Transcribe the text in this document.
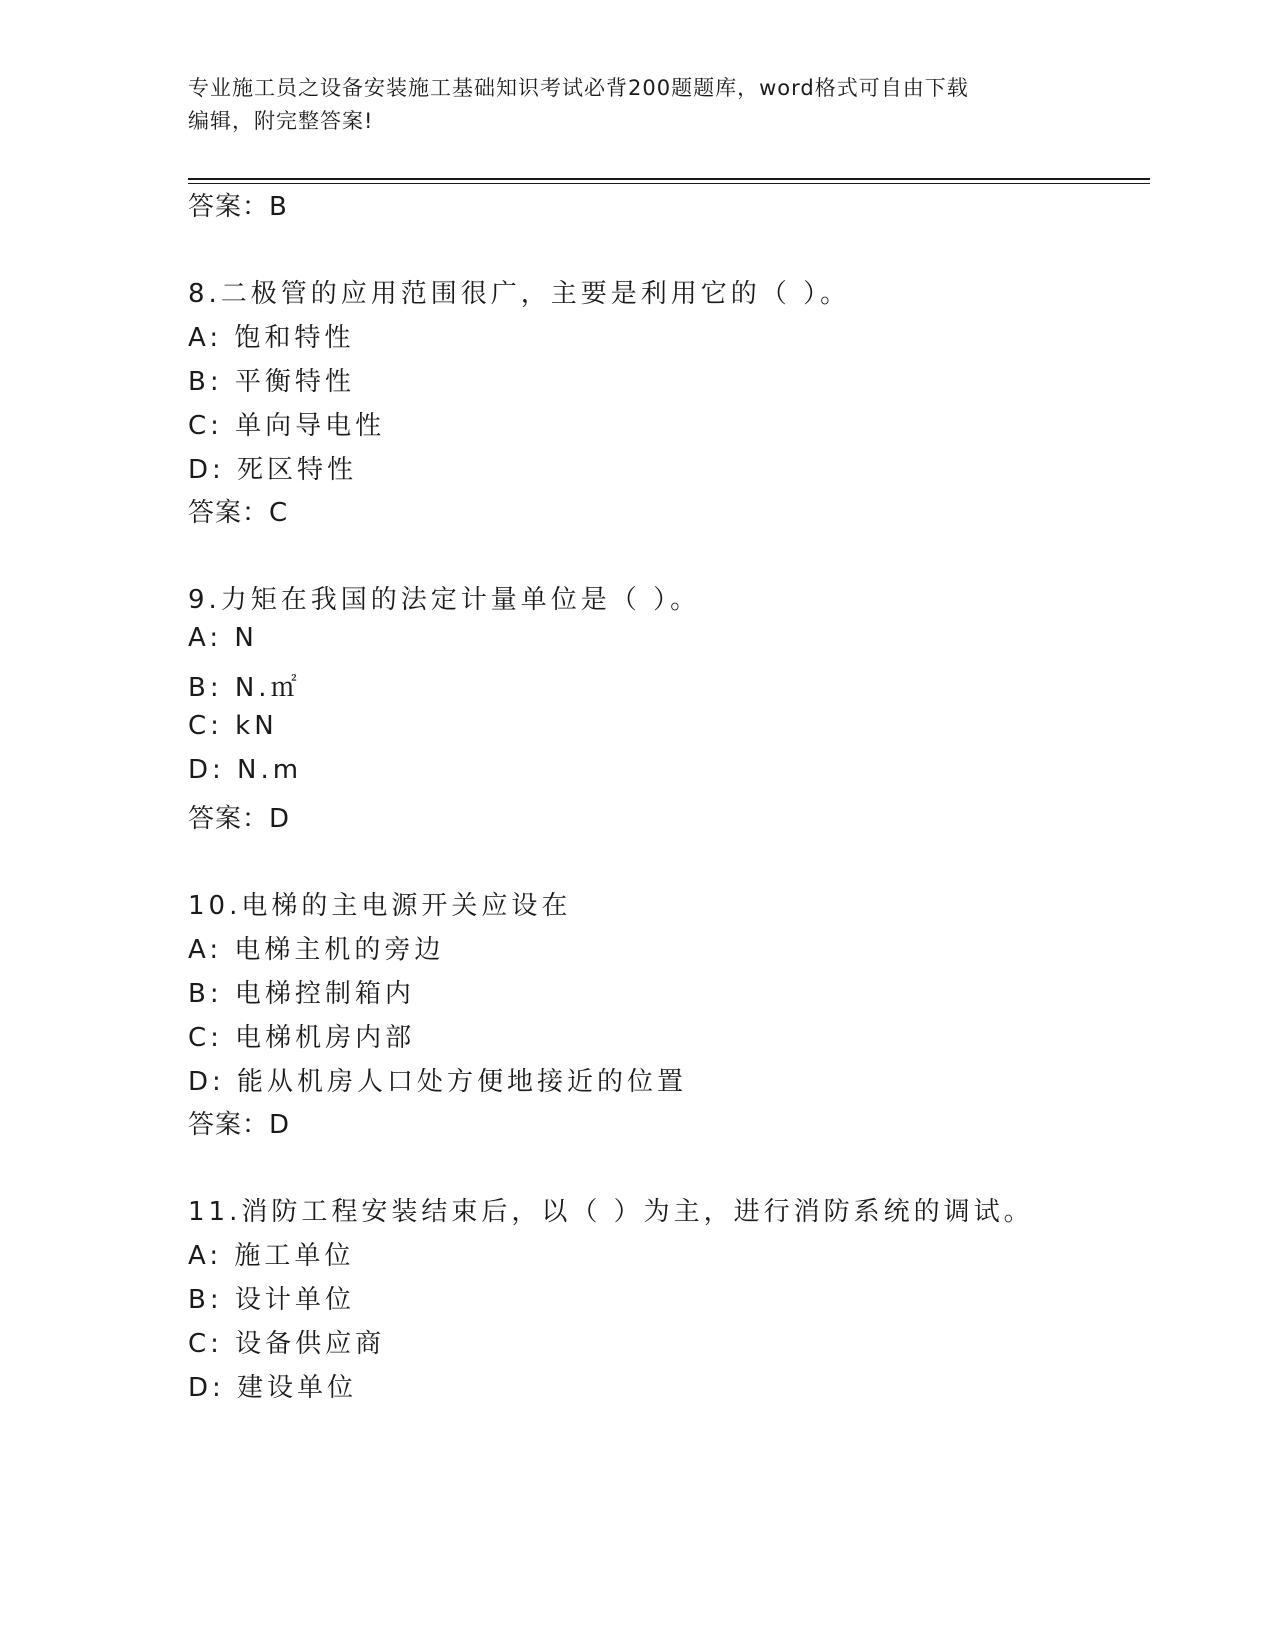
专业施工员之设备安装施工基础知识考试必背200题题库，word格式可自由下载
编辑，附完整答案!
答案：B
8.二极管的应用范围很广，主要是利用它的（ ）。
A: 饱和特性
B: 平衡特性
C: 单向导电性
D: 死区特性
答案：C
9.力矩在我国的法定计量单位是（ ）。
A: N
B: N.㎡
C: kN
D: N.m
答案：D
10.电梯的主电源开关应设在
A: 电梯主机的旁边
B: 电梯控制箱内
C: 电梯机房内部
D: 能从机房人口处方便地接近的位置
答案：D
11.消防工程安装结束后，以（ ）为主，进行消防系统的调试。
A: 施工单位
B: 设计单位
C: 设备供应商
D: 建设单位
